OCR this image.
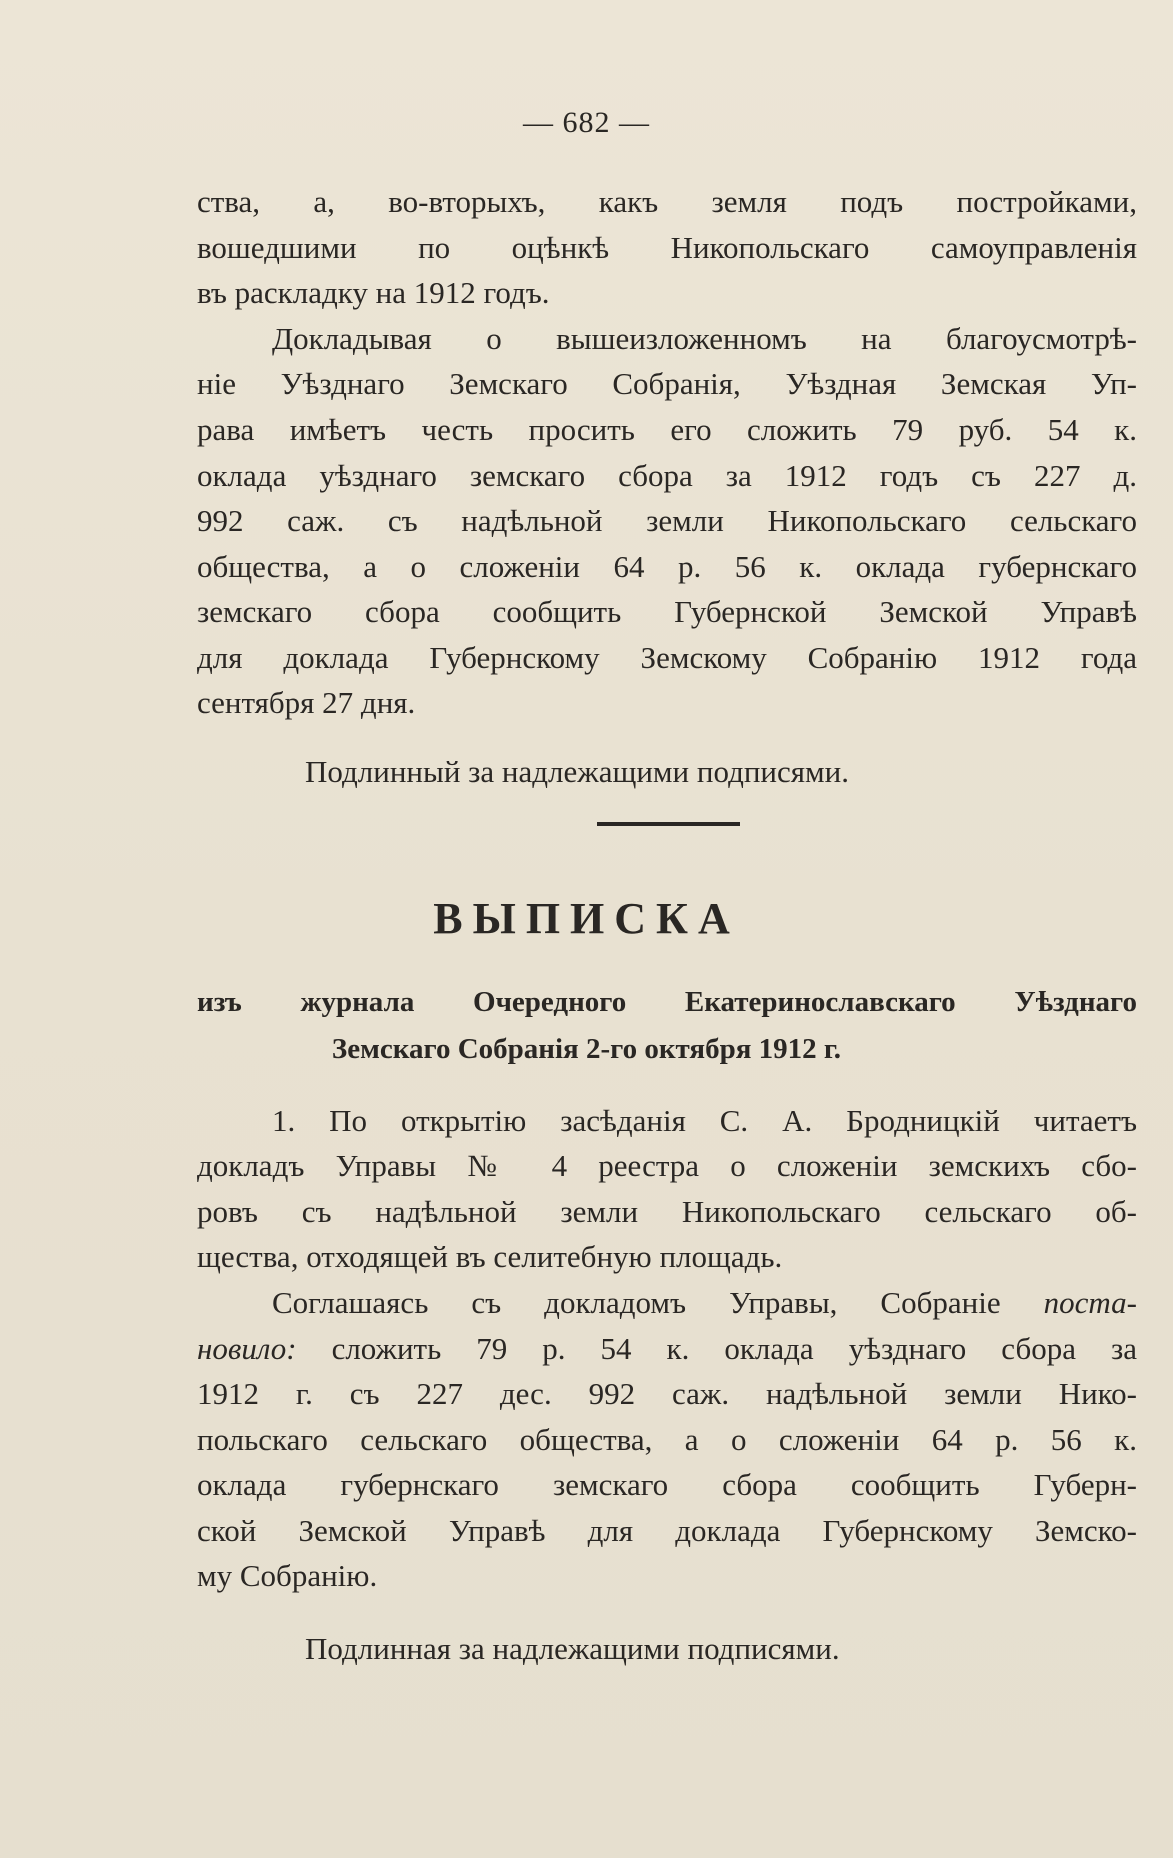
— 682 —
ства, а, во-вторыхъ, какъ земля подъ постройками,
вошедшими по оцѣнкѣ Никопольскаго самоуправленія
въ раскладку на 1912 годъ.
Докладывая о вышеизложенномъ на благоусмотрѣ-
ніе Уѣзднаго Земскаго Собранія, Уѣздная Земская Уп-
рава имѣетъ честь просить его сложить 79 руб. 54 к.
оклада уѣзднаго земскаго сбора за 1912 годъ съ 227 д.
992 саж. съ надѣльной земли Никопольскаго сельскаго
общества, а о сложеніи 64 р. 56 к. оклада губернскаго
земскаго сбора сообщить Губернской Земской Управѣ
для доклада Губернскому Земскому Собранію 1912 года
сентября 27 дня.
Подлинный за надлежащими подписями.
ВЫПИСКА
изъ журнала Очередного Екатеринославскаго Уѣзднаго
Земскаго Собранія 2-го октября 1912 г.
1. По открытію засѣданія С. А. Бродницкій читаетъ
докладъ Управы № 4 реестра о сложеніи земскихъ сбо-
ровъ съ надѣльной земли Никопольскаго сельскаго об-
щества, отходящей въ селитебную площадь.
Соглашаясь съ докладомъ Управы, Собраніе поста-
новило: сложить 79 р. 54 к. оклада уѣзднаго сбора за
1912 г. съ 227 дес. 992 саж. надѣльной земли Нико-
польскаго сельскаго общества, а о сложеніи 64 р. 56 к.
оклада губернскаго земскаго сбора сообщить Губерн-
ской Земской Управѣ для доклада Губернскому Земско-
му Собранію.
Подлинная за надлежащими подписями.
